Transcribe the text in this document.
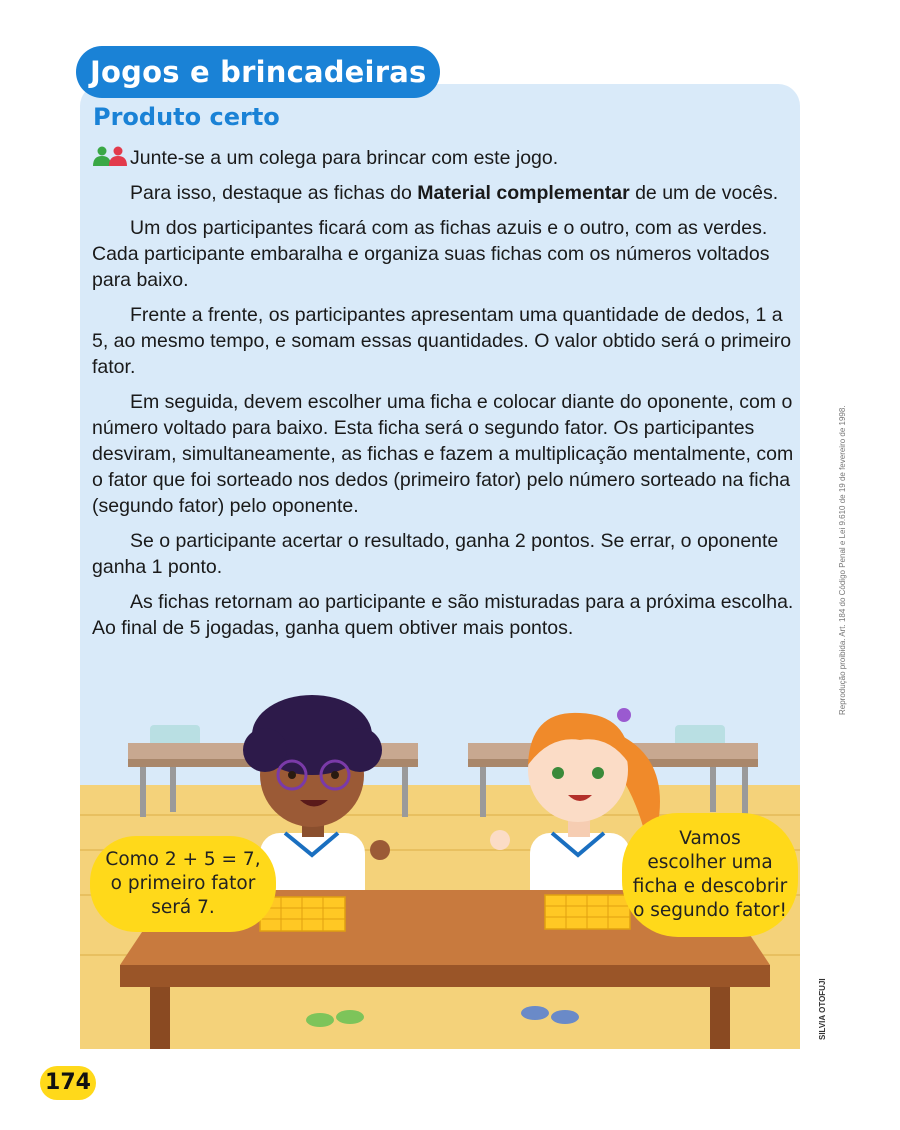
Jogos e brincadeiras
Produto certo

Junte-se a um colega para brincar com este jogo.

Para isso, destaque as fichas do Material complementar de um de vocês.

Um dos participantes ficará com as fichas azuis e o outro, com as verdes. Cada participante embaralha e organiza suas fichas com os números voltados para baixo.

Frente a frente, os participantes apresentam uma quantidade de dedos, 1 a 5, ao mesmo tempo, e somam essas quantidades. O valor obtido será o primeiro fator.

Em seguida, devem escolher uma ficha e colocar diante do oponente, com o número voltado para baixo. Esta ficha será o segundo fator. Os participantes desviram, simultaneamente, as fichas e fazem a multiplicação mentalmente, com o fator que foi sorteado nos dedos (primeiro fator) pelo número sorteado na ficha (segundo fator) pelo oponente.

Se o participante acertar o resultado, ganha 2 pontos. Se errar, o oponente ganha 1 ponto.

As fichas retornam ao participante e são misturadas para a próxima escolha. Ao final de 5 jogadas, ganha quem obtiver mais pontos.

Como 2 + 5 = 7,
o primeiro fator
será 7.
Vamos
escolher uma
ficha e descobrir
o segundo fator!
Reprodução proibida. Art. 184 do Código Penal e Lei 9.610 de 19 de fevereiro de 1998.
SILVIA OTOFUJI
174
